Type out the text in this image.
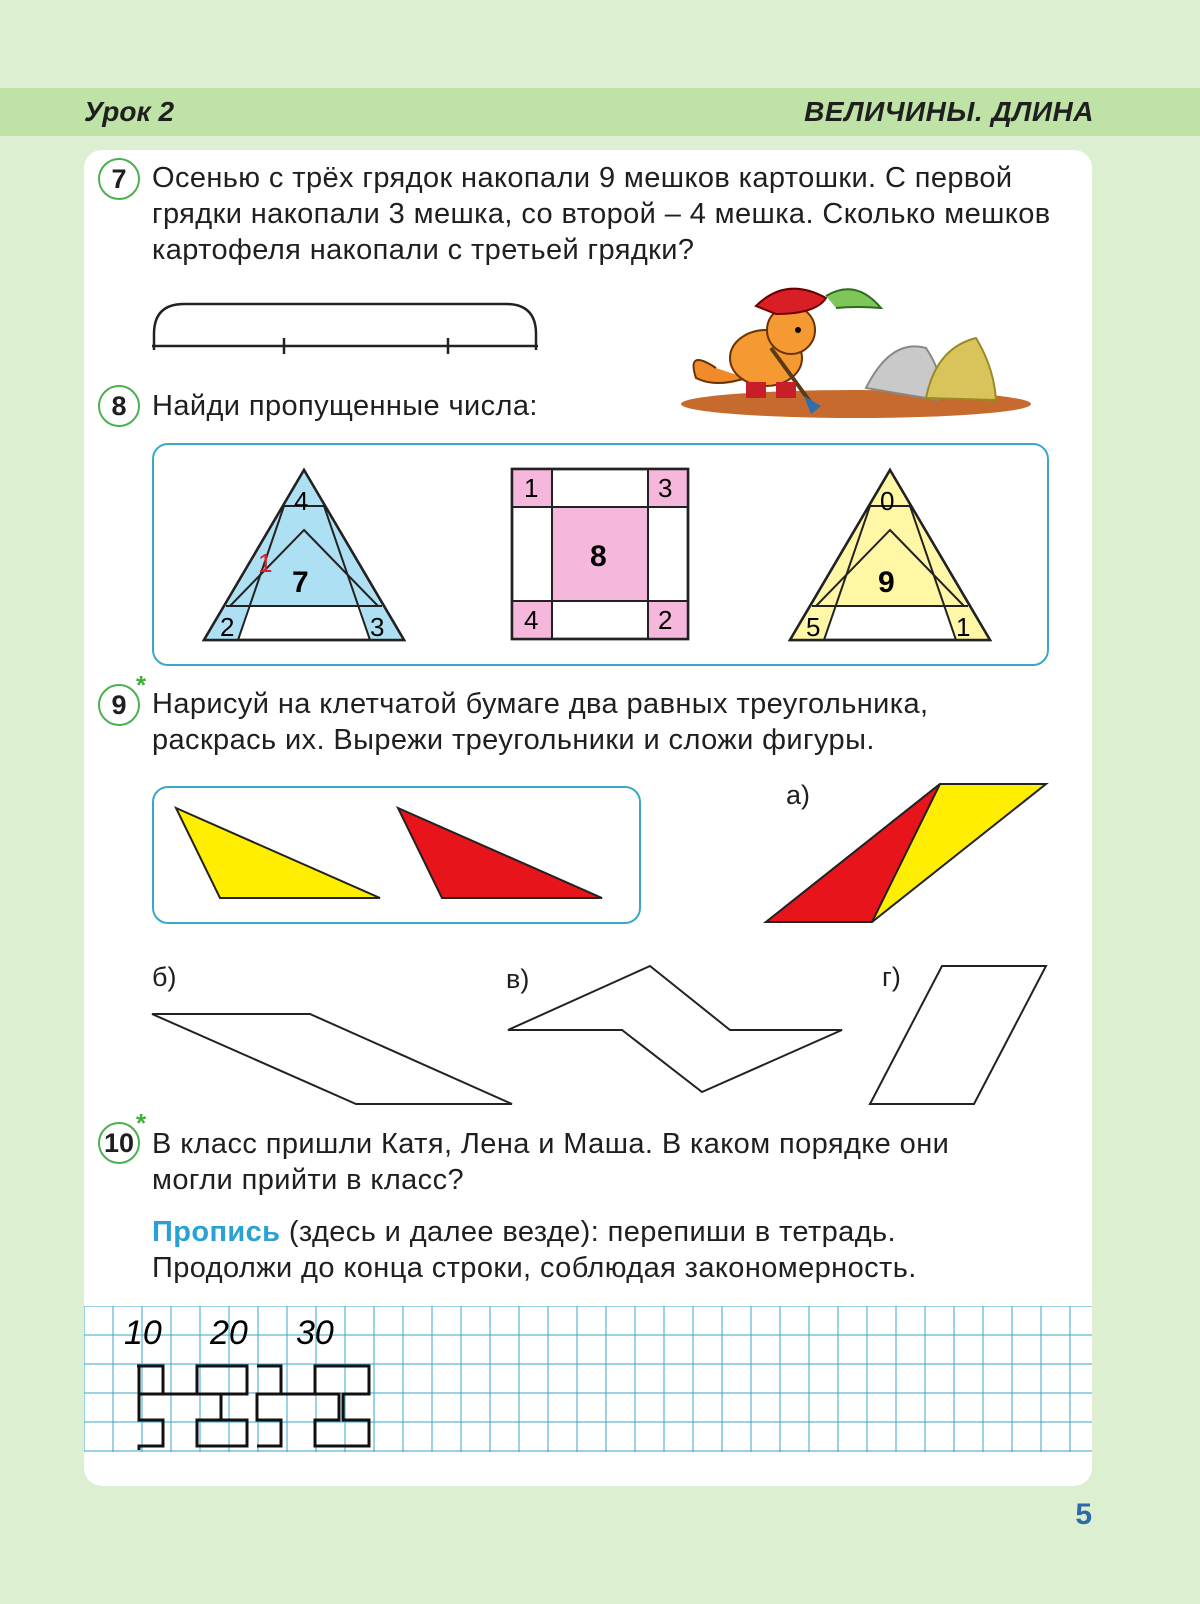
Урок 2	ВЕЛИЧИНЫ. ДЛИНА
7 Осенью с трёх грядок накопали 9 мешков картошки. С первой
грядки накопали 3 мешка, со второй – 4 мешка. Сколько мешков
картофеля накопали с третьей грядки?
8 Найди пропущенные числа:
4
1
7
2	3
1	3
8
4	2
0
9
5	1
9
*
Нарисуй на клетчатой бумаге два равных треугольника,
раскрась их. Вырежи треугольники и сложи фигуры.
а)
б)	в)	г)
10
*
В класс пришли Катя, Лена и Маша. В каком порядке они
могли прийти в класс?
Пропись (здесь и далее везде): перепиши в тетрадь.
Продолжи до конца строки, соблюдая закономерность.
10 20 30
5
